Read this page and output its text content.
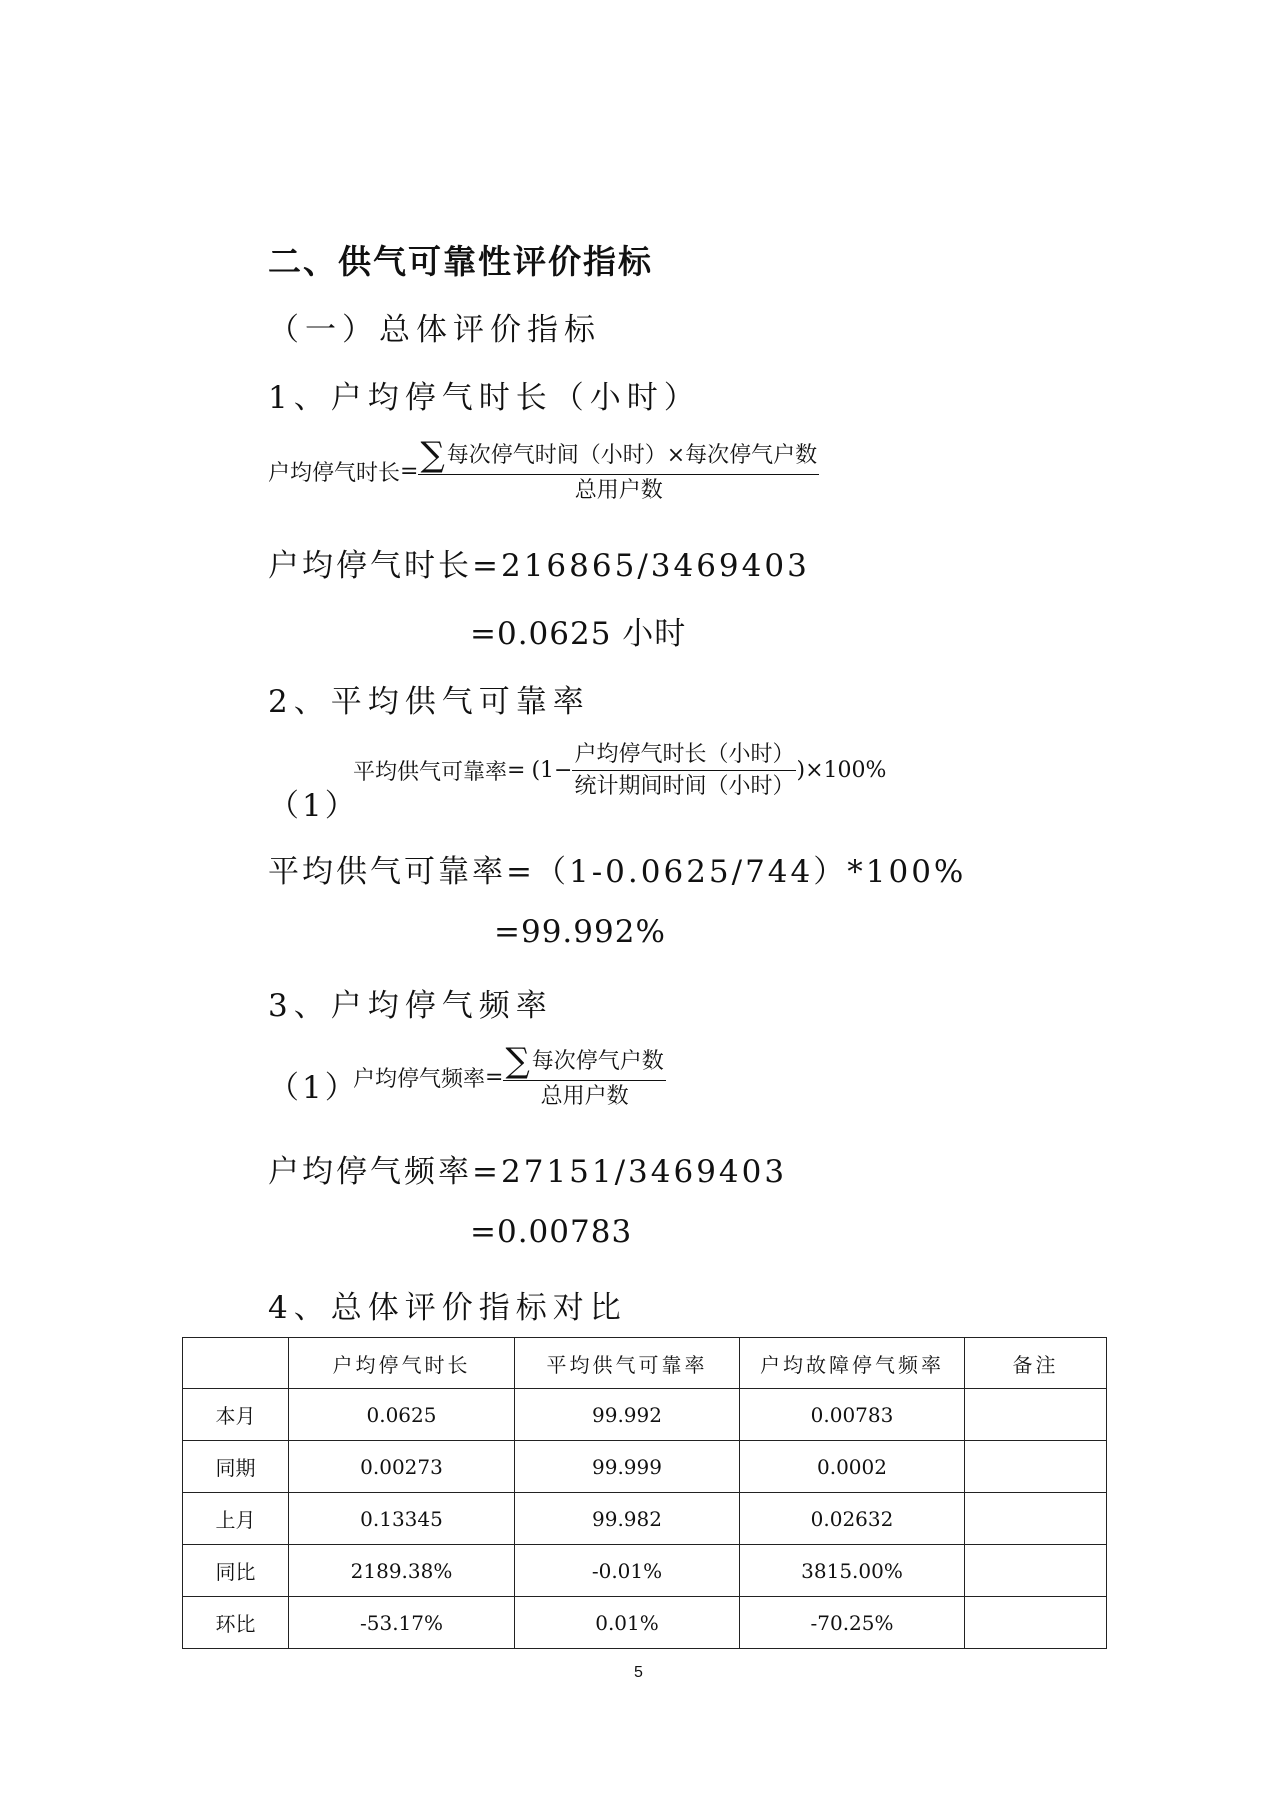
二、供气可靠性评价指标
（一）总体评价指标
1、户均停气时长（小时）
户均停气时长 = $\frac{\text{∑ 每次停气时间（小时）×每次停气户数}}{\text{总用户数}}$
户均停气时长=216865/3469403
=0.0625 小时
2、平均供气可靠率
（1）
平均供气可靠率 = $(1- \frac{\text{户均停气时长（小时）}}{\text{统计期间时间（小时）}} )\times 100\%$
平均供气可靠率=（1-0.0625/744）*100%
=99.992%
3、户均停气频率
（1）
户均停气频率 = $\frac{\text{∑ 每次停气户数}}{\text{总用户数}}$
户均停气频率=27151/3469403
=0.00783
4、总体评价指标对比
	户均停气时长	平均供气可靠率	户均故障停气频率	备注
本月	0.0625	99.992	0.00783	
同期	0.00273	99.999	0.0002	
上月	0.13345	99.982	0.02632	
同比	2189.38%	-0.01%	3815.00%	
环比	-53.17%	0.01%	-70.25%	
5
